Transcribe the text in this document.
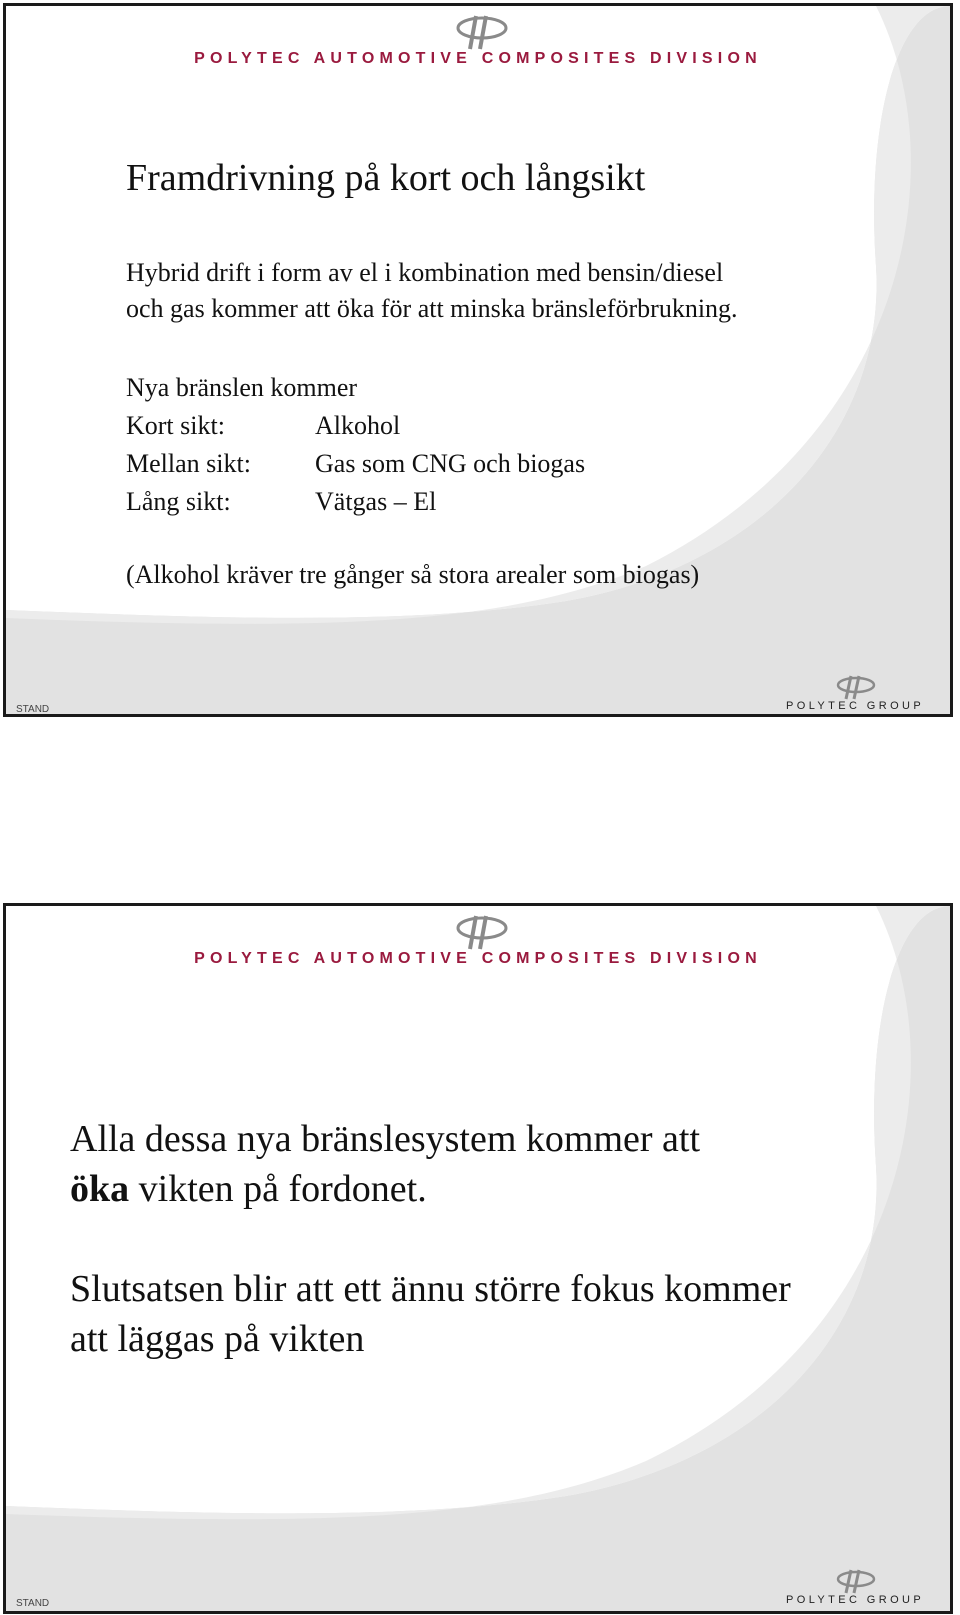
POLYTEC AUTOMOTIVE COMPOSITES DIVISION
Framdrivning på kort och långsikt
Hybrid drift i form av el i kombination med bensin/diesel
och gas kommer att öka för att minska bränsleförbrukning.
Nya bränslen kommer
Kort sikt:	Alkohol
Mellan sikt:	Gas som CNG och biogas
Lång sikt:	Vätgas – El
(Alkohol kräver tre gånger så stora arealer som biogas)
STAND	POLYTEC GROUP
POLYTEC AUTOMOTIVE COMPOSITES DIVISION
Alla dessa nya bränslesystem kommer att
öka vikten på fordonet.
Slutsatsen blir att ett ännu större fokus kommer
att läggas på vikten
STAND	POLYTEC GROUP
